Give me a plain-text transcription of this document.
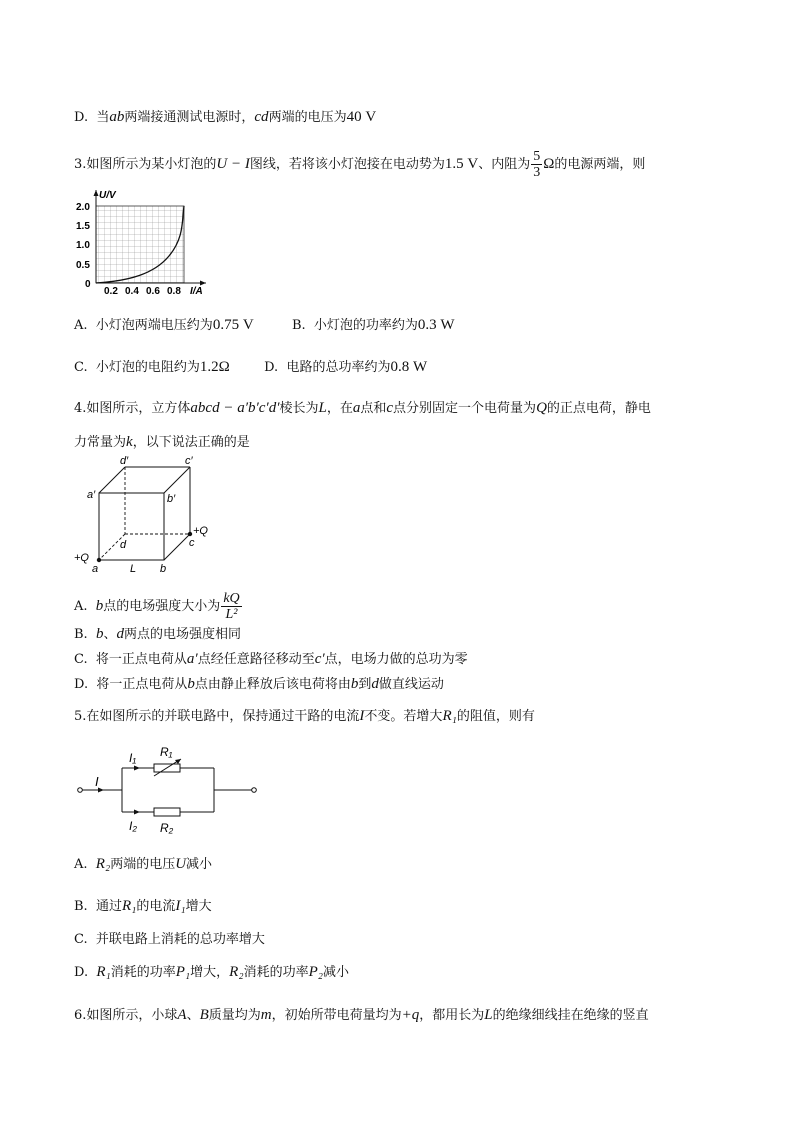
D. 当ab两端接通测试电源时，cd两端的电压为40 V
3.如图所示为某小灯泡的U − I图线，若将该小灯泡接在电动势为1.5 V、内阻为 $\frac{5}{3}$ Ω的电源两端，则
U/V
2.0
1.5
1.0
0.5
0
0.2 0.4 0.6 0.8 I/A
A. 小灯泡两端电压约为0.75 V	B. 小灯泡的功率约为0.3 W
C. 小灯泡的电阻约为1.2Ω	D. 电路的总功率约为0.8 W
4.如图所示，立方体abcd − a′b′c′d′棱长为L，在a点和c点分别固定一个电荷量为Q的正点电荷，静电
力常量为k，以下说法正确的是
d′	c′
a′	b′
d	c
a	b
+Q
+Q
L
A. b点的电场强度大小为 $\frac{kQ}{\text{L²}}$
B. b、d两点的电场强度相同
C. 将一正点电荷从a′点经任意路径移动至c′点，电场力做的总功为零
D. 将一正点电荷从b点由静止释放后该电荷将由b到d做直线运动
5.在如图所示的并联电路中，保持通过干路的电流I不变。若增大R₁的阻值，则有
I
I₁ R₁
I₂ R₂
A. R₂两端的电压U减小
B. 通过R₁的电流I₁增大
C. 并联电路上消耗的总功率增大
D. R₁消耗的功率P₁增大，R₂消耗的功率P₂减小
6.如图所示，小球A、B质量均为m，初始所带电荷量均为+q，都用长为L的绝缘细线挂在绝缘的竖直
